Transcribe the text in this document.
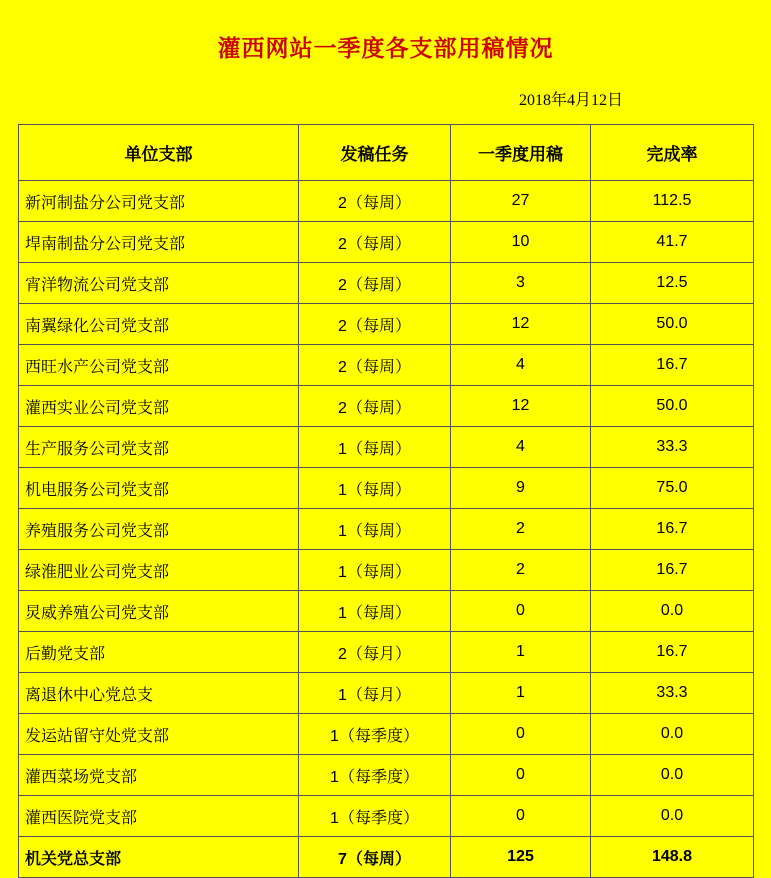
灌西网站一季度各支部用稿情况
2018年4月12日
单位支部	发稿任务	一季度用稿	完成率
新河制盐分公司党支部	2（每周）	27	112.5
垾南制盐分公司党支部	2（每周）	10	41.7
宵洋物流公司党支部	2（每周）	3	12.5
南翼绿化公司党支部	2（每周）	12	50.0
西旺水产公司党支部	2（每周）	4	16.7
灌西实业公司党支部	2（每周）	12	50.0
生产服务公司党支部	1（每周）	4	33.3
机电服务公司党支部	1（每周）	9	75.0
养殖服务公司党支部	1（每周）	2	16.7
绿淮肥业公司党支部	1（每周）	2	16.7
炅威养殖公司党支部	1（每周）	0	0.0
后勤党支部	2（每月）	1	16.7
离退休中心党总支	1（每月）	1	33.3
发运站留守处党支部	1（每季度）	0	0.0
灌西菜场党支部	1（每季度）	0	0.0
灌西医院党支部	1（每季度）	0	0.0
机关党总支部	7（每周）	125	148.8
